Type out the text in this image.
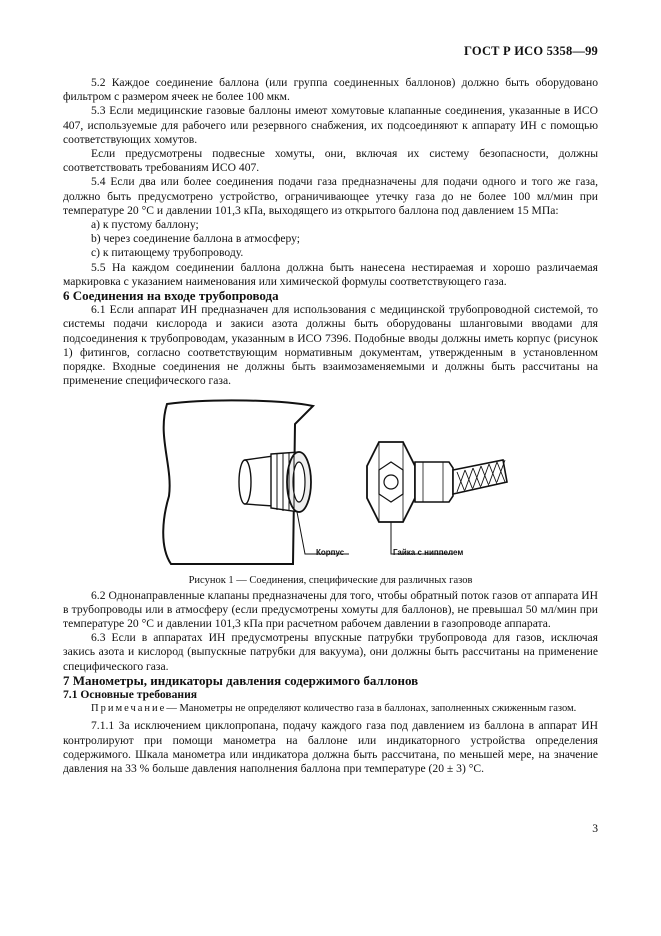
ГОСТ Р ИСО 5358—99

5.2 Каждое соединение баллона (или группа соединенных баллонов) должно быть оборудовано фильтром с размером ячеек не более 100 мкм.

5.3 Если медицинские газовые баллоны имеют хомутовые клапанные соединения, указанные в ИСО 407, используемые для рабочего или резервного снабжения, их подсоединяют к аппарату ИН с помощью соответствующих хомутов.

Если предусмотрены подвесные хомуты, они, включая их систему безопасности, должны соответствовать требованиям ИСО 407.

5.4 Если два или более соединения подачи газа предназначены для подачи одного и того же газа, должно быть предусмотрено устройство, ограничивающее утечку газа до не более 100 мл/мин при температуре 20 °С и давлении 101,3 кПа, выходящего из открытого баллона под давлением 15 МПа:

a) к пустому баллону;

b) через соединение баллона в атмосферу;

c) к питающему трубопроводу.

5.5 На каждом соединении баллона должна быть нанесена нестираемая и хорошо различаемая маркировка с указанием наименования или химической формулы соответствующего газа.

6 Соединения на входе трубопровода

6.1 Если аппарат ИН предназначен для использования с медицинской трубопроводной системой, то системы подачи кислорода и закиси азота должны быть оборудованы шланговыми вводами для подсоединения к трубопроводам, указанным в ИСО 7396. Подобные вводы должны иметь корпус (рисунок 1) фитингов, согласно соответствующим нормативным документам, утвержденным в установленном порядке. Входные соединения не должны быть взаимозаменяемыми и должны быть рассчитаны на применение специфического газа.

Корпус	Гайка с ниппелем

Рисунок 1 — Соединения, специфические для различных газов

6.2 Однонаправленные клапаны предназначены для того, чтобы обратный поток газов от аппарата ИН в трубопроводы или в атмосферу (если предусмотрены хомуты для баллонов), не превышал 50 мл/мин при температуре 20 °С и давлении 101,3 кПа при расчетном рабочем давлении в газопроводе аппарата.

6.3 Если в аппаратах ИН предусмотрены впускные патрубки трубопровода для газов, исключая закись азота и кислород (выпускные патрубки для вакуума), они должны быть рассчитаны на применение специфического газа.

7 Манометры, индикаторы давления содержимого баллонов

7.1 Основные требования

Примечание— Манометры не определяют количество газа в баллонах, заполненных сжиженным газом.

7.1.1 За исключением циклопропана, подачу каждого газа под давлением из баллона в аппарат ИН контролируют при помощи манометра на баллоне или индикаторного устройства определения содержимого. Шкала манометра или индикатора должна быть рассчитана, по меньшей мере, на значение давления на 33 % больше давления наполнения баллона при температуре (20 ± 3) °С.

3
